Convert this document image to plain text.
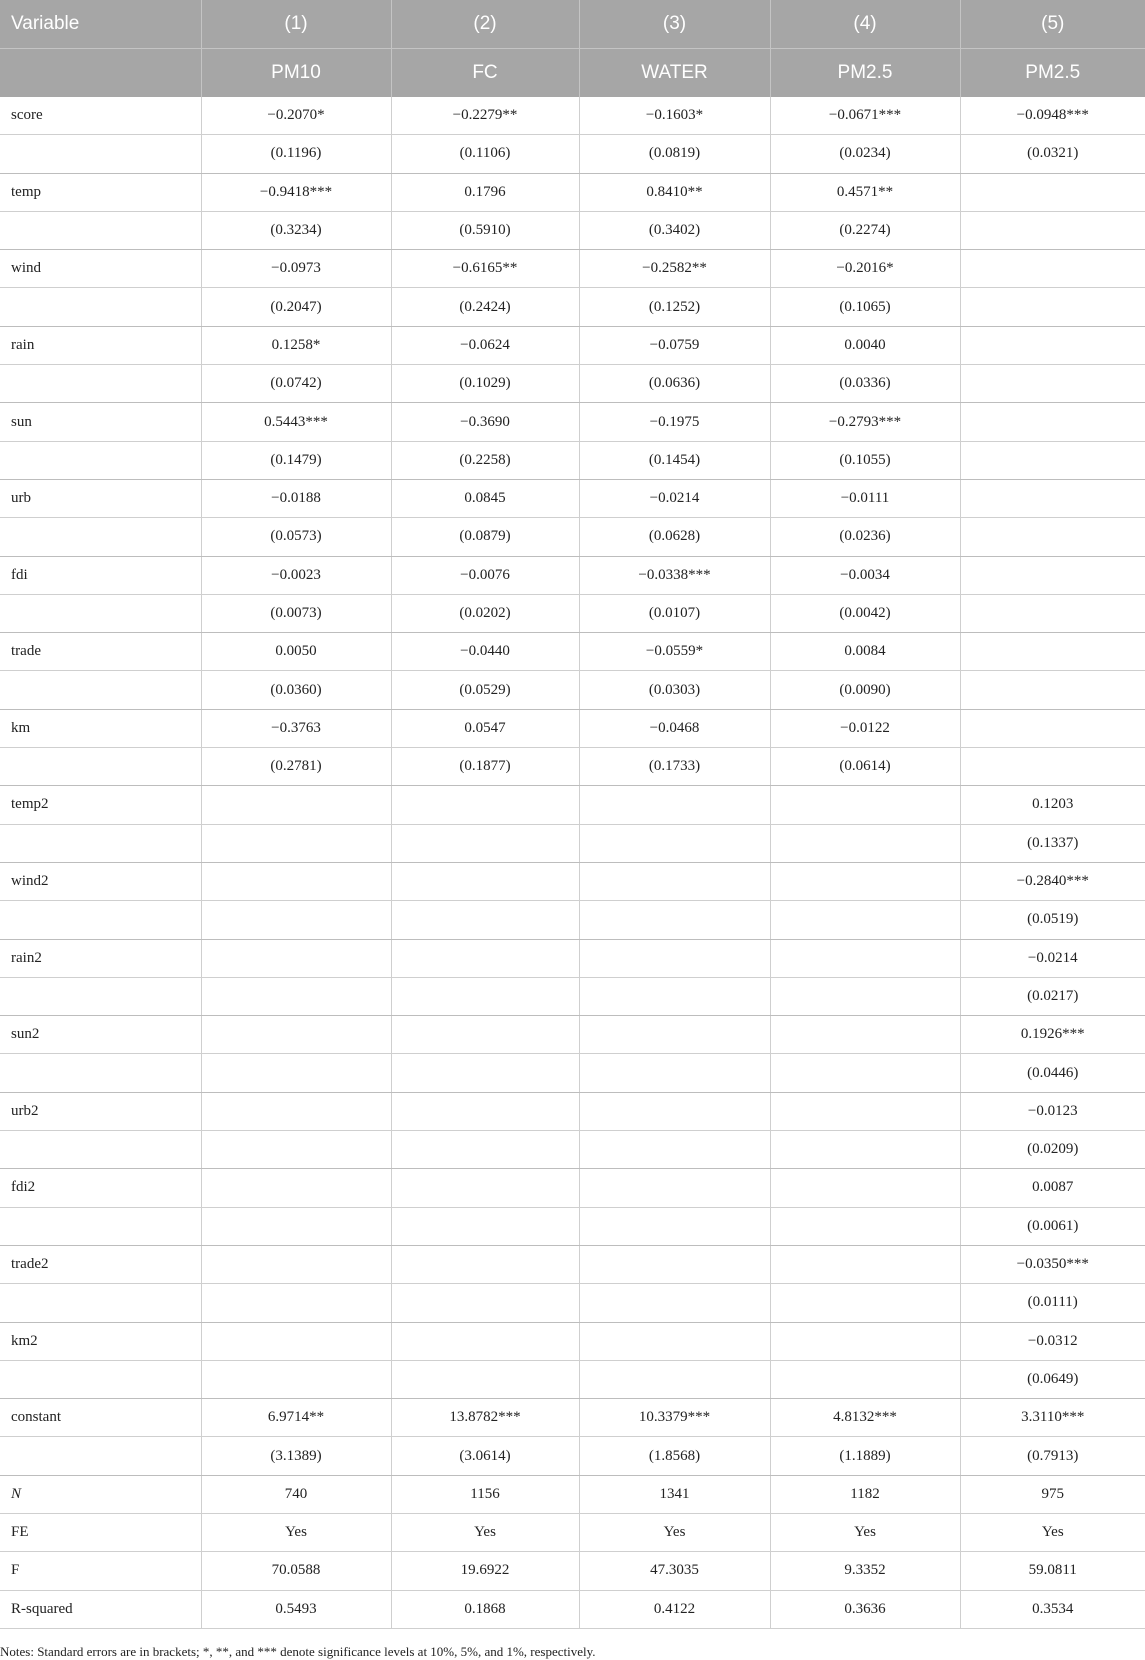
Variable	(1)	(2)	(3)	(4)	(5)
	PM10	FC	WATER	PM2.5	PM2.5
score	−0.2070*	−0.2279**	−0.1603*	−0.0671***	−0.0948***
	(0.1196)	(0.1106)	(0.0819)	(0.0234)	(0.0321)
temp	−0.9418***	0.1796	0.8410**	0.4571**	
	(0.3234)	(0.5910)	(0.3402)	(0.2274)	
wind	−0.0973	−0.6165**	−0.2582**	−0.2016*	
	(0.2047)	(0.2424)	(0.1252)	(0.1065)	
rain	0.1258*	−0.0624	−0.0759	0.0040	
	(0.0742)	(0.1029)	(0.0636)	(0.0336)	
sun	0.5443***	−0.3690	−0.1975	−0.2793***	
	(0.1479)	(0.2258)	(0.1454)	(0.1055)	
urb	−0.0188	0.0845	−0.0214	−0.0111	
	(0.0573)	(0.0879)	(0.0628)	(0.0236)	
fdi	−0.0023	−0.0076	−0.0338***	−0.0034	
	(0.0073)	(0.0202)	(0.0107)	(0.0042)	
trade	0.0050	−0.0440	−0.0559*	0.0084	
	(0.0360)	(0.0529)	(0.0303)	(0.0090)	
km	−0.3763	0.0547	−0.0468	−0.0122	
	(0.2781)	(0.1877)	(0.1733)	(0.0614)	
temp2					0.1203
					(0.1337)
wind2					−0.2840***
					(0.0519)
rain2					−0.0214
					(0.0217)
sun2					0.1926***
					(0.0446)
urb2					−0.0123
					(0.0209)
fdi2					0.0087
					(0.0061)
trade2					−0.0350***
					(0.0111)
km2					−0.0312
					(0.0649)
constant	6.9714**	13.8782***	10.3379***	4.8132***	3.3110***
	(3.1389)	(3.0614)	(1.8568)	(1.1889)	(0.7913)
N	740	1156	1341	1182	975
FE	Yes	Yes	Yes	Yes	Yes
F	70.0588	19.6922	47.3035	9.3352	59.0811
R-squared	0.5493	0.1868	0.4122	0.3636	0.3534
Notes: Standard errors are in brackets; *, **, and *** denote significance levels at 10%, 5%, and 1%, respectively.
